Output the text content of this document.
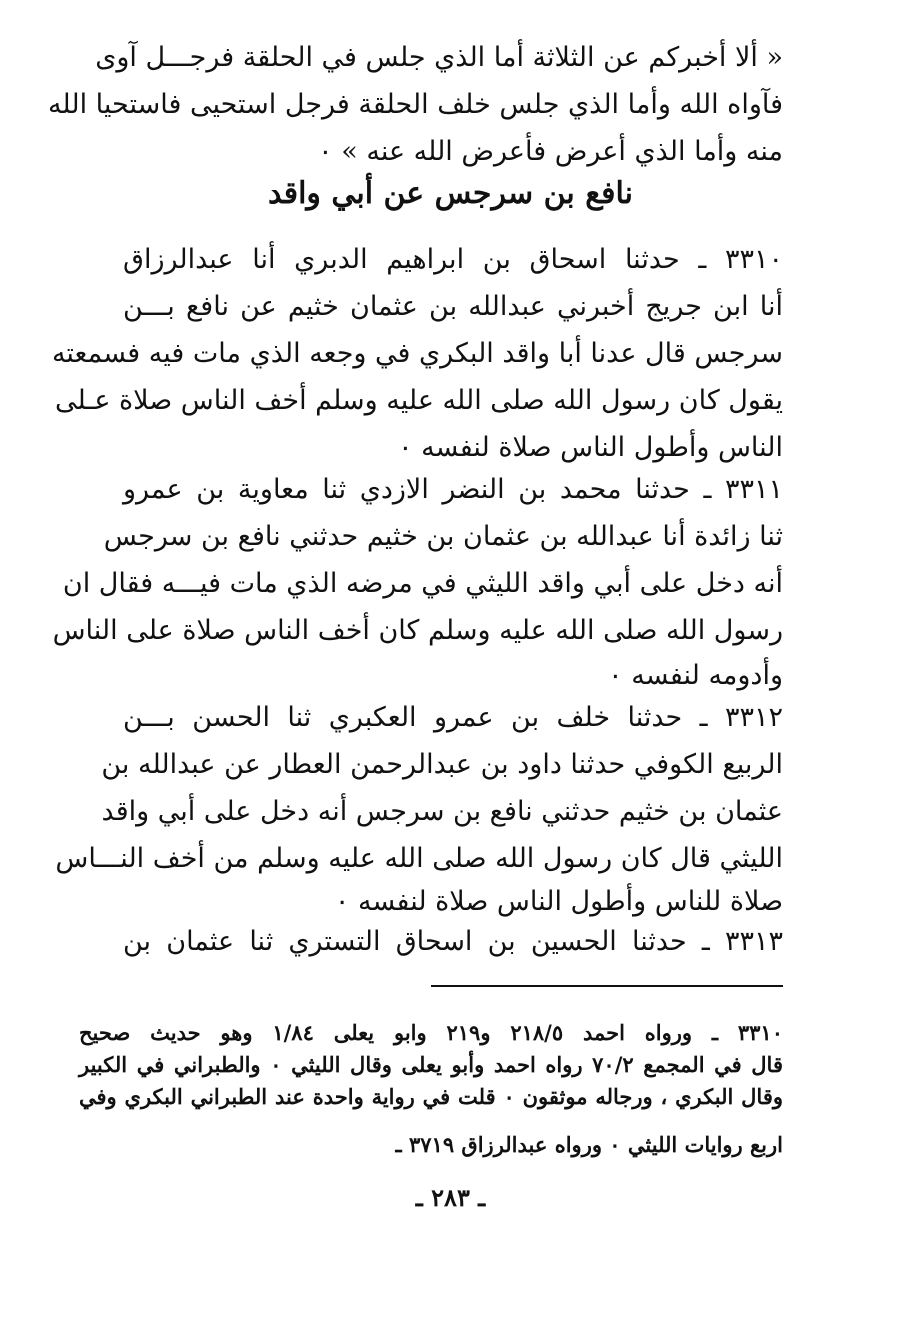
« ألا أخبركم عن الثلاثة أما الذي جلس في الحلقة فرجـــل آوى
فآواه الله وأما الذي جلس خلف الحلقة فرجل استحيى فاستحيا الله
منه وأما الذي أعرض فأعرض الله عنه » ٠
نافع بن سرجس عن أبي واقد
٣٣١٠ ـ حدثنا اسحاق بن ابراهيم الدبري أنا عبدالرزاق
أنا ابن جريج أخبرني عبدالله بن عثمان خثيم عن نافع بـــن
سرجس قال عدنا أبا واقد البكري في وجعه الذي مات فيه فسمعته
يقول كان رسول الله صلى الله عليه وسلم أخف الناس صلاة عـلى
الناس وأطول الناس صلاة لنفسه ٠
٣٣١١ ـ حدثنا محمد بن النضر الازدي ثنا معاوية بن عمرو
ثنا زائدة أنا عبدالله بن عثمان بن خثيم حدثني نافع بن سرجس
أنه دخل على أبي واقد الليثي في مرضه الذي مات فيـــه فقال ان
رسول الله صلى الله عليه وسلم كان أخف الناس صلاة على الناس
وأدومه لنفسه ٠
٣٣١٢ ـ حدثنا خلف بن عمرو العكبري ثنا الحسن بـــن
الربيع الكوفي حدثنا داود بن عبدالرحمن العطار عن عبدالله بن
عثمان بن خثيم حدثني نافع بن سرجس أنه دخل على أبي واقد
الليثي قال كان رسول الله صلى الله عليه وسلم من أخف النـــاس
صلاة للناس وأطول الناس صلاة لنفسه ٠
٣٣١٣ ـ حدثنا الحسين بن اسحاق التستري ثنا عثمان بن
٣٣١٠ ـ ورواه احمد ٢١٨/٥ و٢١٩ وابو يعلى ١/٨٤ وهو حديث صحيح
قال في المجمع ٧٠/٢ رواه احمد وأبو يعلى وقال الليثي ٠ والطبراني في الكبير
وقال البكري ، ورجاله موثقون ٠ قلت في رواية واحدة عند الطبراني البكري وفي
اربع روايات الليثي ٠ ورواه عبدالرزاق ٣٧١٩ ـ
ـ ٢٨٣ ـ
